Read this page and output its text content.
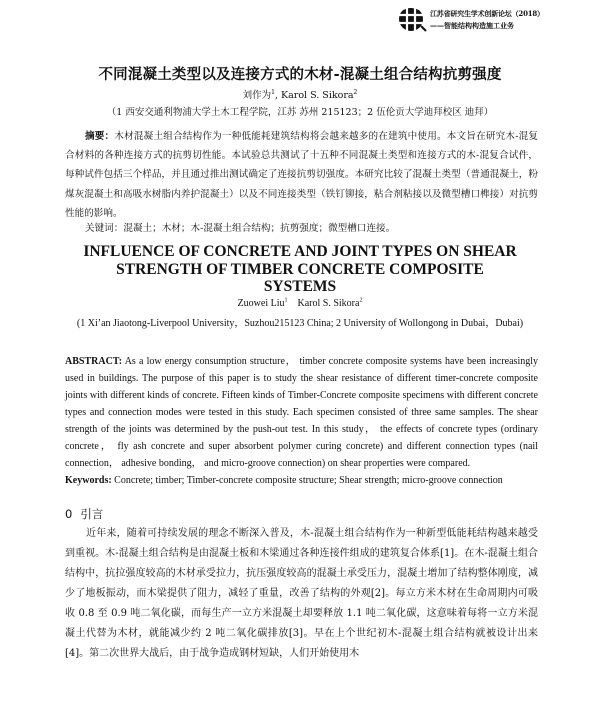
江苏省研究生学术创新论坛（2018）
——智能结构构造施工业务
不同混凝土类型以及连接方式的木材-混凝土组合结构抗剪强度
刘作为$^1$, Karol S. Sikora$^2$
（1 西安交通利物浦大学土木工程学院，江苏 苏州 215123；2 伍伦贡大学迪拜校区 迪拜）
摘要：木材混凝土组合结构作为一种低能耗建筑结构将会越来越多的在建筑中使用。本文旨在研究木-混复合材料的各种连接方式的抗剪切性能。本试验总共测试了十五种不同混凝土类型和连接方式的木-混复合试件，每种试件包括三个样品，并且通过推出测试确定了连接抗剪切强度。本研究比较了混凝土类型（普通混凝土，粉煤灰混凝土和高吸水树脂内养护混凝土）以及不同连接类型（铁钉铆接，粘合剂粘接以及微型槽口榫接）对抗剪性能的影响。
关键词：混凝土；木材；木-混凝土组合结构；抗剪强度；微型槽口连接。
INFLUENCE OF CONCRETE AND JOINT TYPES ON SHEAR
STRENGTH OF TIMBER CONCRETE COMPOSITE
SYSTEMS
Zuowei Liu$^1$ Karol S. Sikora$^2$
(1 Xi’an Jiaotong-Liverpool University，Suzhou215123 China; 2 University of Wollongong in Dubai，Dubai)
ABSTRACT: As a low energy consumption structure， timber concrete composite systems have been increasingly used in buildings. The purpose of this paper is to study the shear resistance of different timer-concrete composite joints with different kinds of concrete. Fifteen kinds of Timber-Concrete composite specimens with different concrete types and connection modes were tested in this study. Each specimen consisted of three same samples. The shear strength of the joints was determined by the push-out test. In this study， the effects of concrete types (ordinary concrete， fly ash concrete and super absorbent polymer curing concrete) and different connection types (nail connection， adhesive bonding， and micro-groove connection) on shear properties were compared.
Keywords: Concrete; timber; Timber-concrete composite structure; Shear strength; micro-groove connection
0 引言
近年来，随着可持续发展的理念不断深入普及，木-混凝土组合结构作为一种新型低能耗结构越来越受到重视。木-混凝土组合结构是由混凝土板和木梁通过各种连接件组成的建筑复合体系[1]。在木-混凝土组合结构中，抗拉强度较高的木材承受拉力，抗压强度较高的混凝土承受压力，混凝土增加了结构整体刚度，减少了地板振动，而木梁提供了阻力，减轻了重量，改善了结构的外观[2]。每立方米木材在生命周期内可吸收 0.8 至 0.9 吨二氧化碳，而每生产一立方米混凝土却要释放 1.1 吨二氧化碳，这意味着每将一立方米混凝土代替为木材，就能减少约 2 吨二氧化碳排放[3]。早在上个世纪初木-混凝土组合结构就被设计出来[4]。第二次世界大战后，由于战争造成钢材短缺，人们开始使用木
